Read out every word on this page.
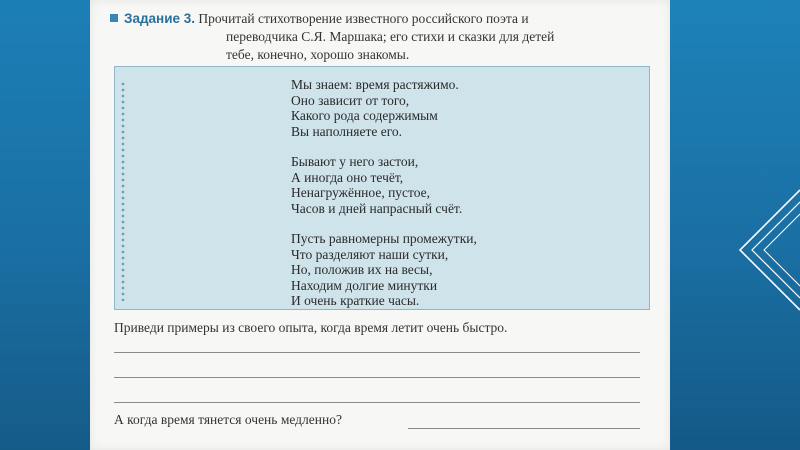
Задание 3. Прочитай стихотворение известного российского поэта и
переводчика С.Я. Маршака; его стихи и сказки для детей
тебе, конечно, хорошо знакомы.
Мы знаем: время растяжимо.
Оно зависит от того,
Какого рода содержимым
Вы наполняете его.
Бывают у него застои,
А иногда оно течёт,
Ненагружённое, пустое,
Часов и дней напрасный счёт.
Пусть равномерны промежутки,
Что разделяют наши сутки,
Но, положив их на весы,
Находим долгие минутки
И очень краткие часы.
Приведи примеры из своего опыта, когда время летит очень быстро.
А когда время тянется очень медленно?
